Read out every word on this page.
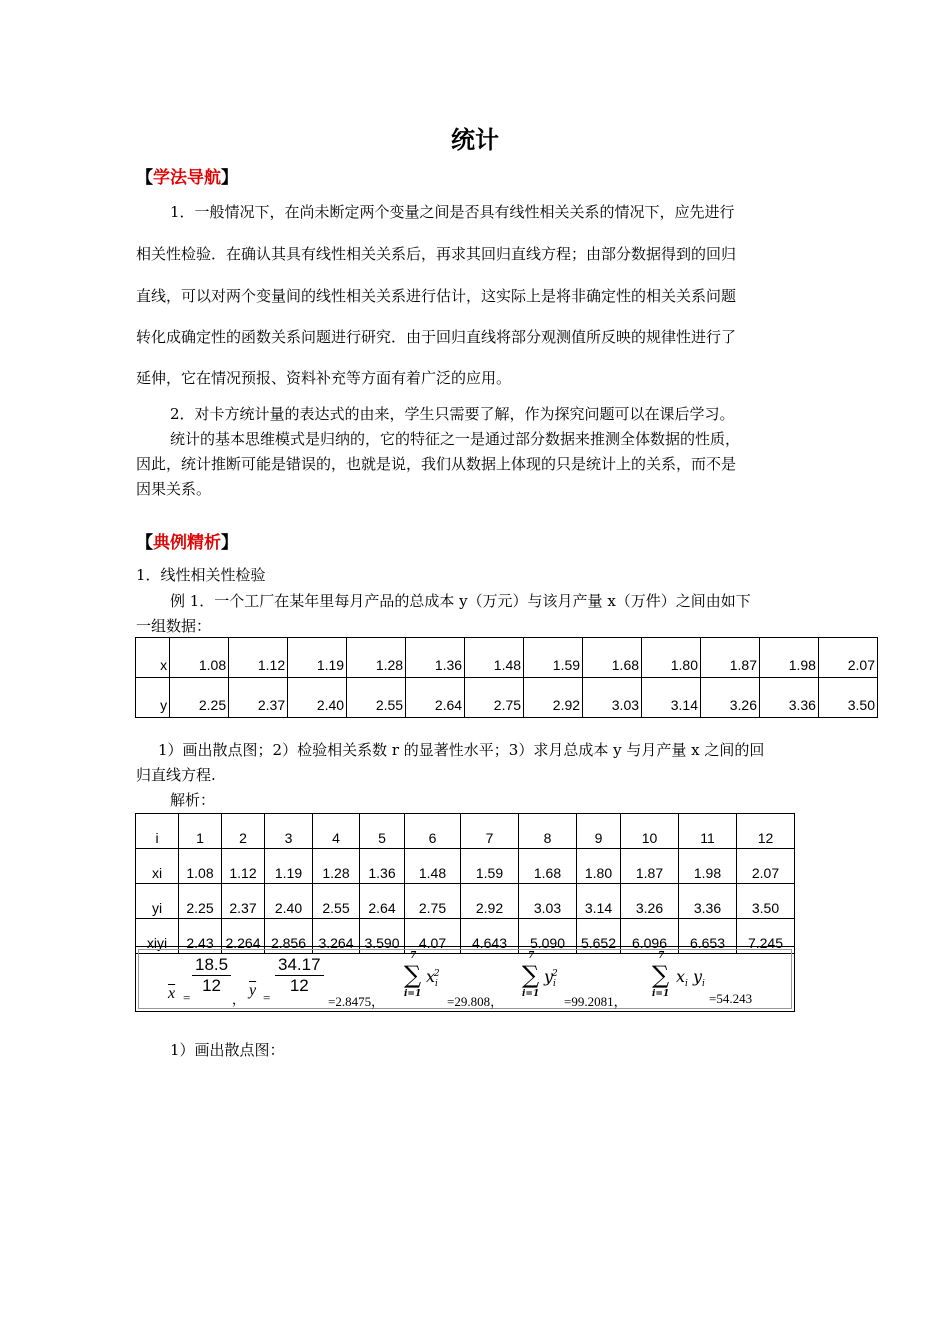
统计
【学法导航】
1．一般情况下，在尚未断定两个变量之间是否具有线性相关关系的情况下，应先进行
相关性检验．在确认其具有线性相关关系后，再求其回归直线方程；由部分数据得到的回归
直线，可以对两个变量间的线性相关关系进行估计，这实际上是将非确定性的相关关系问题
转化成确定性的函数关系问题进行研究．由于回归直线将部分观测值所反映的规律性进行了
延伸，它在情况预报、资料补充等方面有着广泛的应用。
2．对卡方统计量的表达式的由来，学生只需要了解，作为探究问题可以在课后学习。
统计的基本思维模式是归纳的，它的特征之一是通过部分数据来推测全体数据的性质，
因此，统计推断可能是错误的，也就是说，我们从数据上体现的只是统计上的关系，而不是
因果关系。
【典例精析】
1．线性相关性检验
例 1．一个工厂在某年里每月产品的总成本 y（万元）与该月产量 x（万件）之间由如下
一组数据：
x	1.08	1.12	1.19	1.28	1.36	1.48	1.59	1.68	1.80	1.87	1.98	2.07
y	2.25	2.37	2.40	2.55	2.64	2.75	2.92	3.03	3.14	3.26	3.36	3.50
1）画出散点图；2）检验相关系数 r 的显著性水平；3）求月总成本 y 与月产量 x 之间的回
归直线方程.
解析：
i	1	2	3	4	5	6	7	8	9	10	11	12
xi	1.08	1.12	1.19	1.28	1.36	1.48	1.59	1.68	1.80	1.87	1.98	2.07
yi	2.25	2.37	2.40	2.55	2.64	2.75	2.92	3.03	3.14	3.26	3.36	3.50
xiyi	2.43	2.264	2.856	3.264	3.590	4.07	4.643	5.090	5.652	6.096	6.653	7.245
$\overline{x}$ =
$\frac{18.5}{12}$
，
$\overline{y}$ =
$\frac{34.17}{12}$
=2.8475，
7
∑
i=1
$x_i^2$
=29.808，
7
∑
i=1
$y_i^2$
=99.2081，
7
∑
i=1
$x_i$ $y_i$
=54.243
1）画出散点图：
